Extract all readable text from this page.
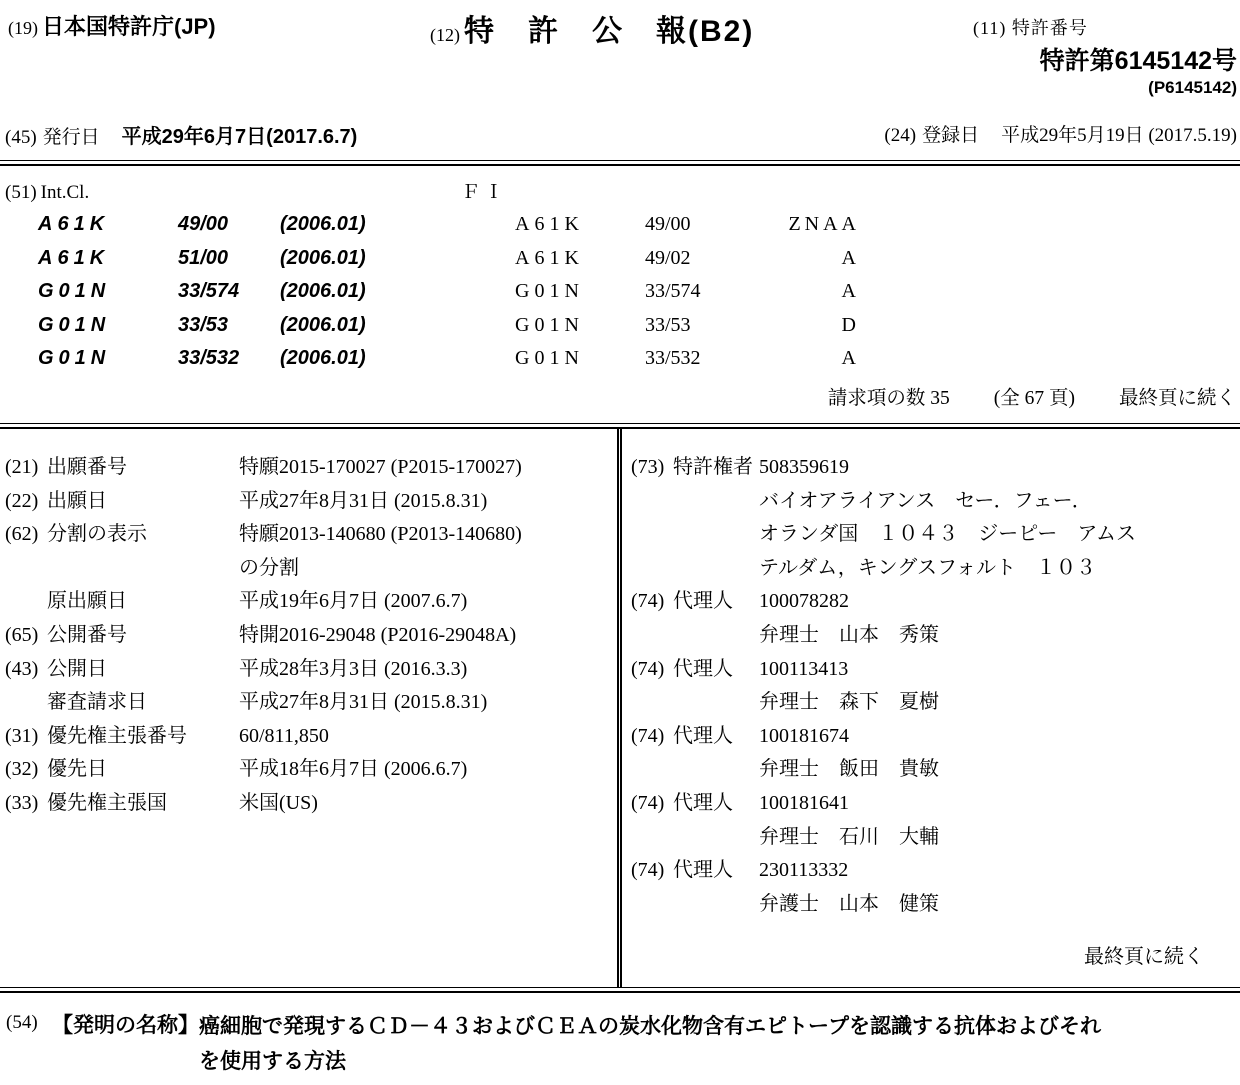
(19) 日本国特許庁(JP)	(12) 特　許　公　報(B2)	(11) 特許番号
特許第6145142号
(P6145142)
(45) 発行日 平成29年6月7日(2017.6.7)	(24) 登録日 平成29年5月19日 (2017.5.19)
(51) Int.Cl.	ＦＩ
A61K	49/00	(2006.01)	A61K	49/00	ZNAA
A61K	51/00	(2006.01)	A61K	49/02	A
G01N	33/574	(2006.01)	G01N	33/574	A
G01N	33/53	(2006.01)	G01N	33/53	D
G01N	33/532	(2006.01)	G01N	33/532	A
請求項の数 35 (全 67 頁) 最終頁に続く
(21) 出願番号	特願2015-170027 (P2015-170027)
(22) 出願日	平成27年8月31日 (2015.8.31)
(62) 分割の表示	特願2013-140680 (P2013-140680)
の分割
原出願日	平成19年6月7日 (2007.6.7)
(65) 公開番号	特開2016-29048 (P2016-29048A)
(43) 公開日	平成28年3月3日 (2016.3.3)
審査請求日	平成27年8月31日 (2015.8.31)
(31) 優先権主張番号	60/811,850
(32) 優先日	平成18年6月7日 (2006.6.7)
(33) 優先権主張国	米国(US)
(73) 特許権者 508359619
バイオアライアンス　セー．フェー．
オランダ国　１０４３　ジーピー　アムス
テルダム，キングスフォルト　１０３
(74) 代理人	100078282
弁理士　山本　秀策
(74) 代理人	100113413
弁理士　森下　夏樹
(74) 代理人	100181674
弁理士　飯田　貴敏
(74) 代理人	100181641
弁理士　石川　大輔
(74) 代理人	230113332
弁護士　山本　健策
最終頁に続く
(54) 【発明の名称】 癌細胞で発現するＣＤ－４３およびＣＥＡの炭水化物含有エピトープを認識する抗体およびそれ
を使用する方法
